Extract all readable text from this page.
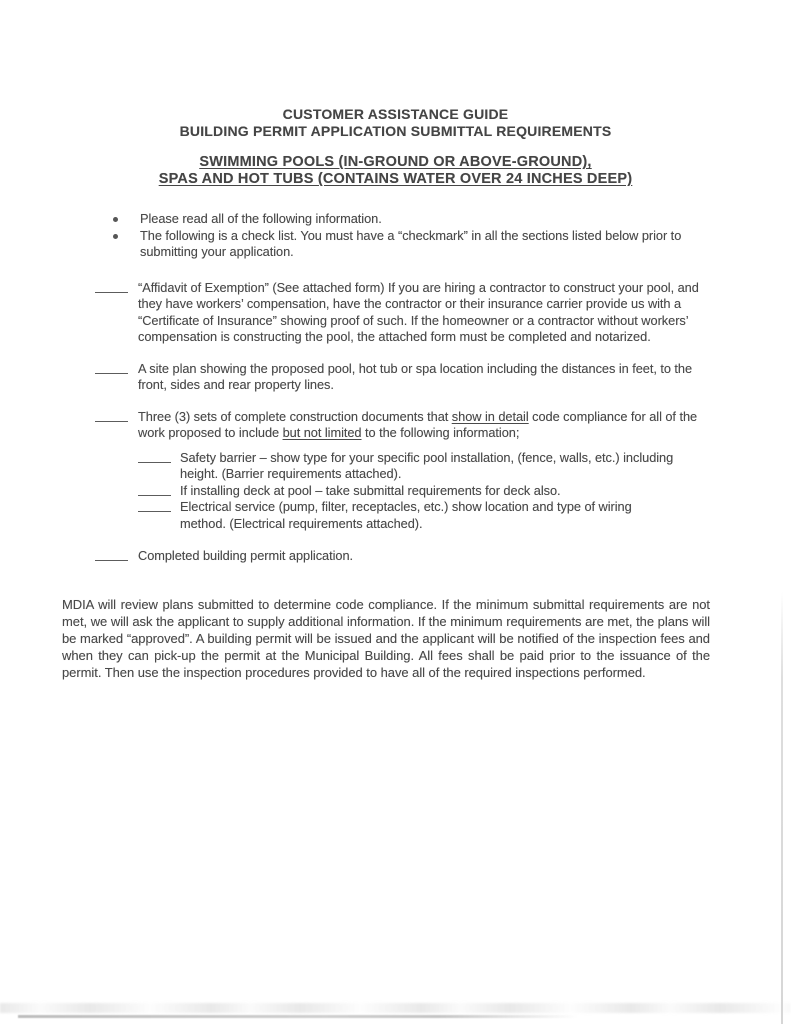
CUSTOMER ASSISTANCE GUIDE
BUILDING PERMIT APPLICATION SUBMITTAL REQUIREMENTS
SWIMMING POOLS (IN-GROUND OR ABOVE-GROUND),
SPAS AND HOT TUBS (CONTAINS WATER OVER 24 INCHES DEEP)
Please read all of the following information.
The following is a check list. You must have a “checkmark” in all the sections listed below prior to submitting your application.

“Affidavit of Exemption” (See attached form) If you are hiring a contractor to construct your pool, and they have workers’ compensation, have the contractor or their insurance carrier provide us with a “Certificate of Insurance” showing proof of such. If the homeowner or a contractor without workers’ compensation is constructing the pool, the attached form must be completed and notarized.

A site plan showing the proposed pool, hot tub or spa location including the distances in feet, to the front, sides and rear property lines.

Three (3) sets of complete construction documents that show in detail code compliance for all of the work proposed to include but not limited to the following information;

Safety barrier – show type for your specific pool installation, (fence, walls, etc.) including height. (Barrier requirements attached).

If installing deck at pool – take submittal requirements for deck also.

Electrical service (pump, filter, receptacles, etc.) show location and type of wiring method. (Electrical requirements attached).

Completed building permit application.

MDIA will review plans submitted to determine code compliance. If the minimum submittal requirements are not met, we will ask the applicant to supply additional information. If the minimum requirements are met, the plans will be marked “approved”. A building permit will be issued and the applicant will be notified of the inspection fees and when they can pick-up the permit at the Municipal Building. All fees shall be paid prior to the issuance of the permit. Then use the inspection procedures provided to have all of the required inspections performed.
